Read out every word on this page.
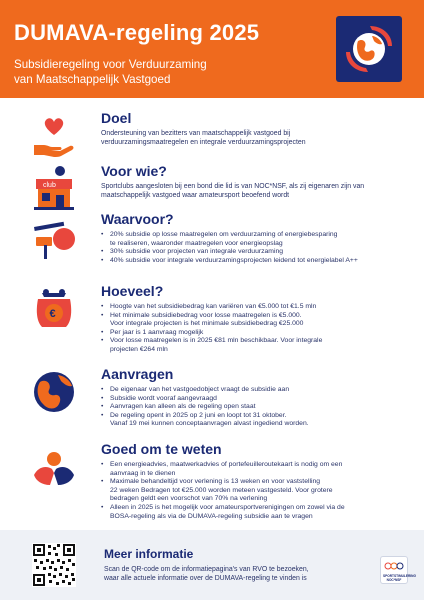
DUMAVA-regeling 2025
Subsidieregeling voor Verduurzaming
van Maatschappelijk Vastgoed
Doel
Ondersteuning van bezitters van maatschappelijk vastgoed bij
verduurzamingsmaatregelen en integrale verduurzamingsprojecten
club
Voor wie?
Sportclubs aangesloten bij een bond die lid is van NOC*NSF, als zij eigenaren zijn van
maatschappelijk vastgoed waar amateursport beoefend wordt
Waarvoor?
• 20% subsidie op losse maatregelen om verduurzaming of energiebesparing
te realiseren, waaronder maatregelen voor energieopslag
• 30% subsidie voor projecten van integrale verduurzaming
• 40% subsidie voor integrale verduurzamingsprojecten leidend tot energielabel A++
€
Hoeveel?
• Hoogte van het subsidiebedrag kan variëren van €5.000 tot €1.5 mln
• Het minimale subsidiebedrag voor losse maatregelen is €5.000.
Voor integrale projecten is het minimale subsidiebedrag €25.000
• Per jaar is 1 aanvraag mogelijk
• Voor losse maatregelen is in 2025 €81 mln beschikbaar. Voor integrale
projecten €264 mln
Aanvragen
• De eigenaar van het vastgoedobject vraagt de subsidie aan
• Subsidie wordt vooraf aangevraagd
• Aanvragen kan alleen als de regeling open staat
• De regeling opent in 2025 op 2 juni en loopt tot 31 oktober.
Vanaf 19 mei kunnen conceptaanvragen alvast ingediend worden.
Goed om te weten
• Een energieadvies, maatwerkadvies of portefeuilleroutekaart is nodig om een
aanvraag in te dienen
• Maximale behandeltijd voor verlening is 13 weken en voor vaststelling
22 weken Bedragen tot €25.000 worden meteen vastgesteld. Voor grotere
bedragen geldt een voorschot van 70% na verlening
• Alleen in 2025 is het mogelijk voor amateursportverenigingen om zowel via de
BOSA-regeling als via de DUMAVA-regeling subsidie aan te vragen
Meer informatie
Scan de QR-code om de informatiepagina's van RVO te bezoeken,
waar alle actuele informatie over de DUMAVA-regeling te vinden is	SPORTSTIMULERING NOC*NSF
